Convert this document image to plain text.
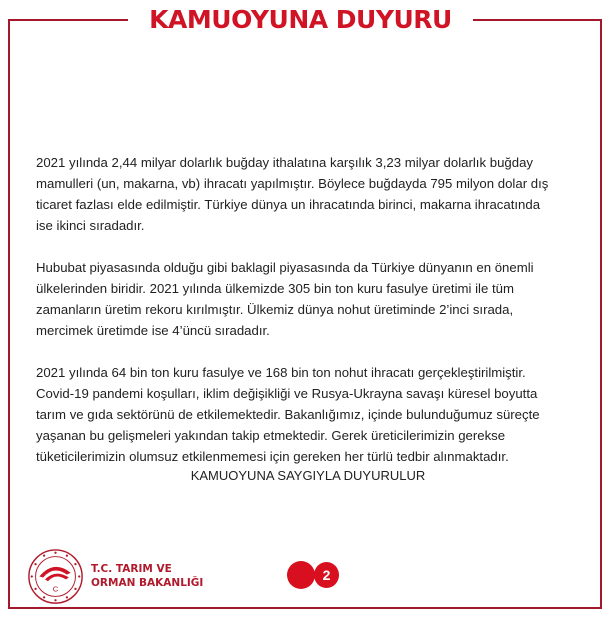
KAMUOYUNA DUYURU

2021 yılında 2,44 milyar dolarlık buğday ithalatına karşılık 3,23 milyar dolarlık buğday
mamulleri (un, makarna, vb) ihracatı yapılmıştır. Böylece buğdayda 795 milyon dolar dış
ticaret fazlası elde edilmiştir. Türkiye dünya un ihracatında birinci, makarna ihracatında
ise ikinci sıradadır.

Hububat piyasasında olduğu gibi baklagil piyasasında da Türkiye dünyanın en önemli
ülkelerinden biridir. 2021 yılında ülkemizde 305 bin ton kuru fasulye üretimi ile tüm
zamanların üretim rekoru kırılmıştır. Ülkemiz dünya nohut üretiminde 2’inci sırada,
mercimek üretimde ise 4’üncü sıradadır.

2021 yılında 64 bin ton kuru fasulye ve 168 bin ton nohut ihracatı gerçekleştirilmiştir.
Covid-19 pandemi koşulları, iklim değişikliği ve Rusya-Ukrayna savaşı küresel boyutta
tarım ve gıda sektörünü de etkilemektedir. Bakanlığımız, içinde bulunduğumuz süreçte
yaşanan bu gelişmeleri yakından takip etmektedir. Gerek üreticilerimizin gerekse
tüketicilerimizin olumsuz etkilenmemesi için gereken her türlü tedbir alınmaktadır.

KAMUOYUNA SAYGIYLA DUYURULUR
C
T.C. TARIM VE
ORMAN BAKANLIĞI	2
